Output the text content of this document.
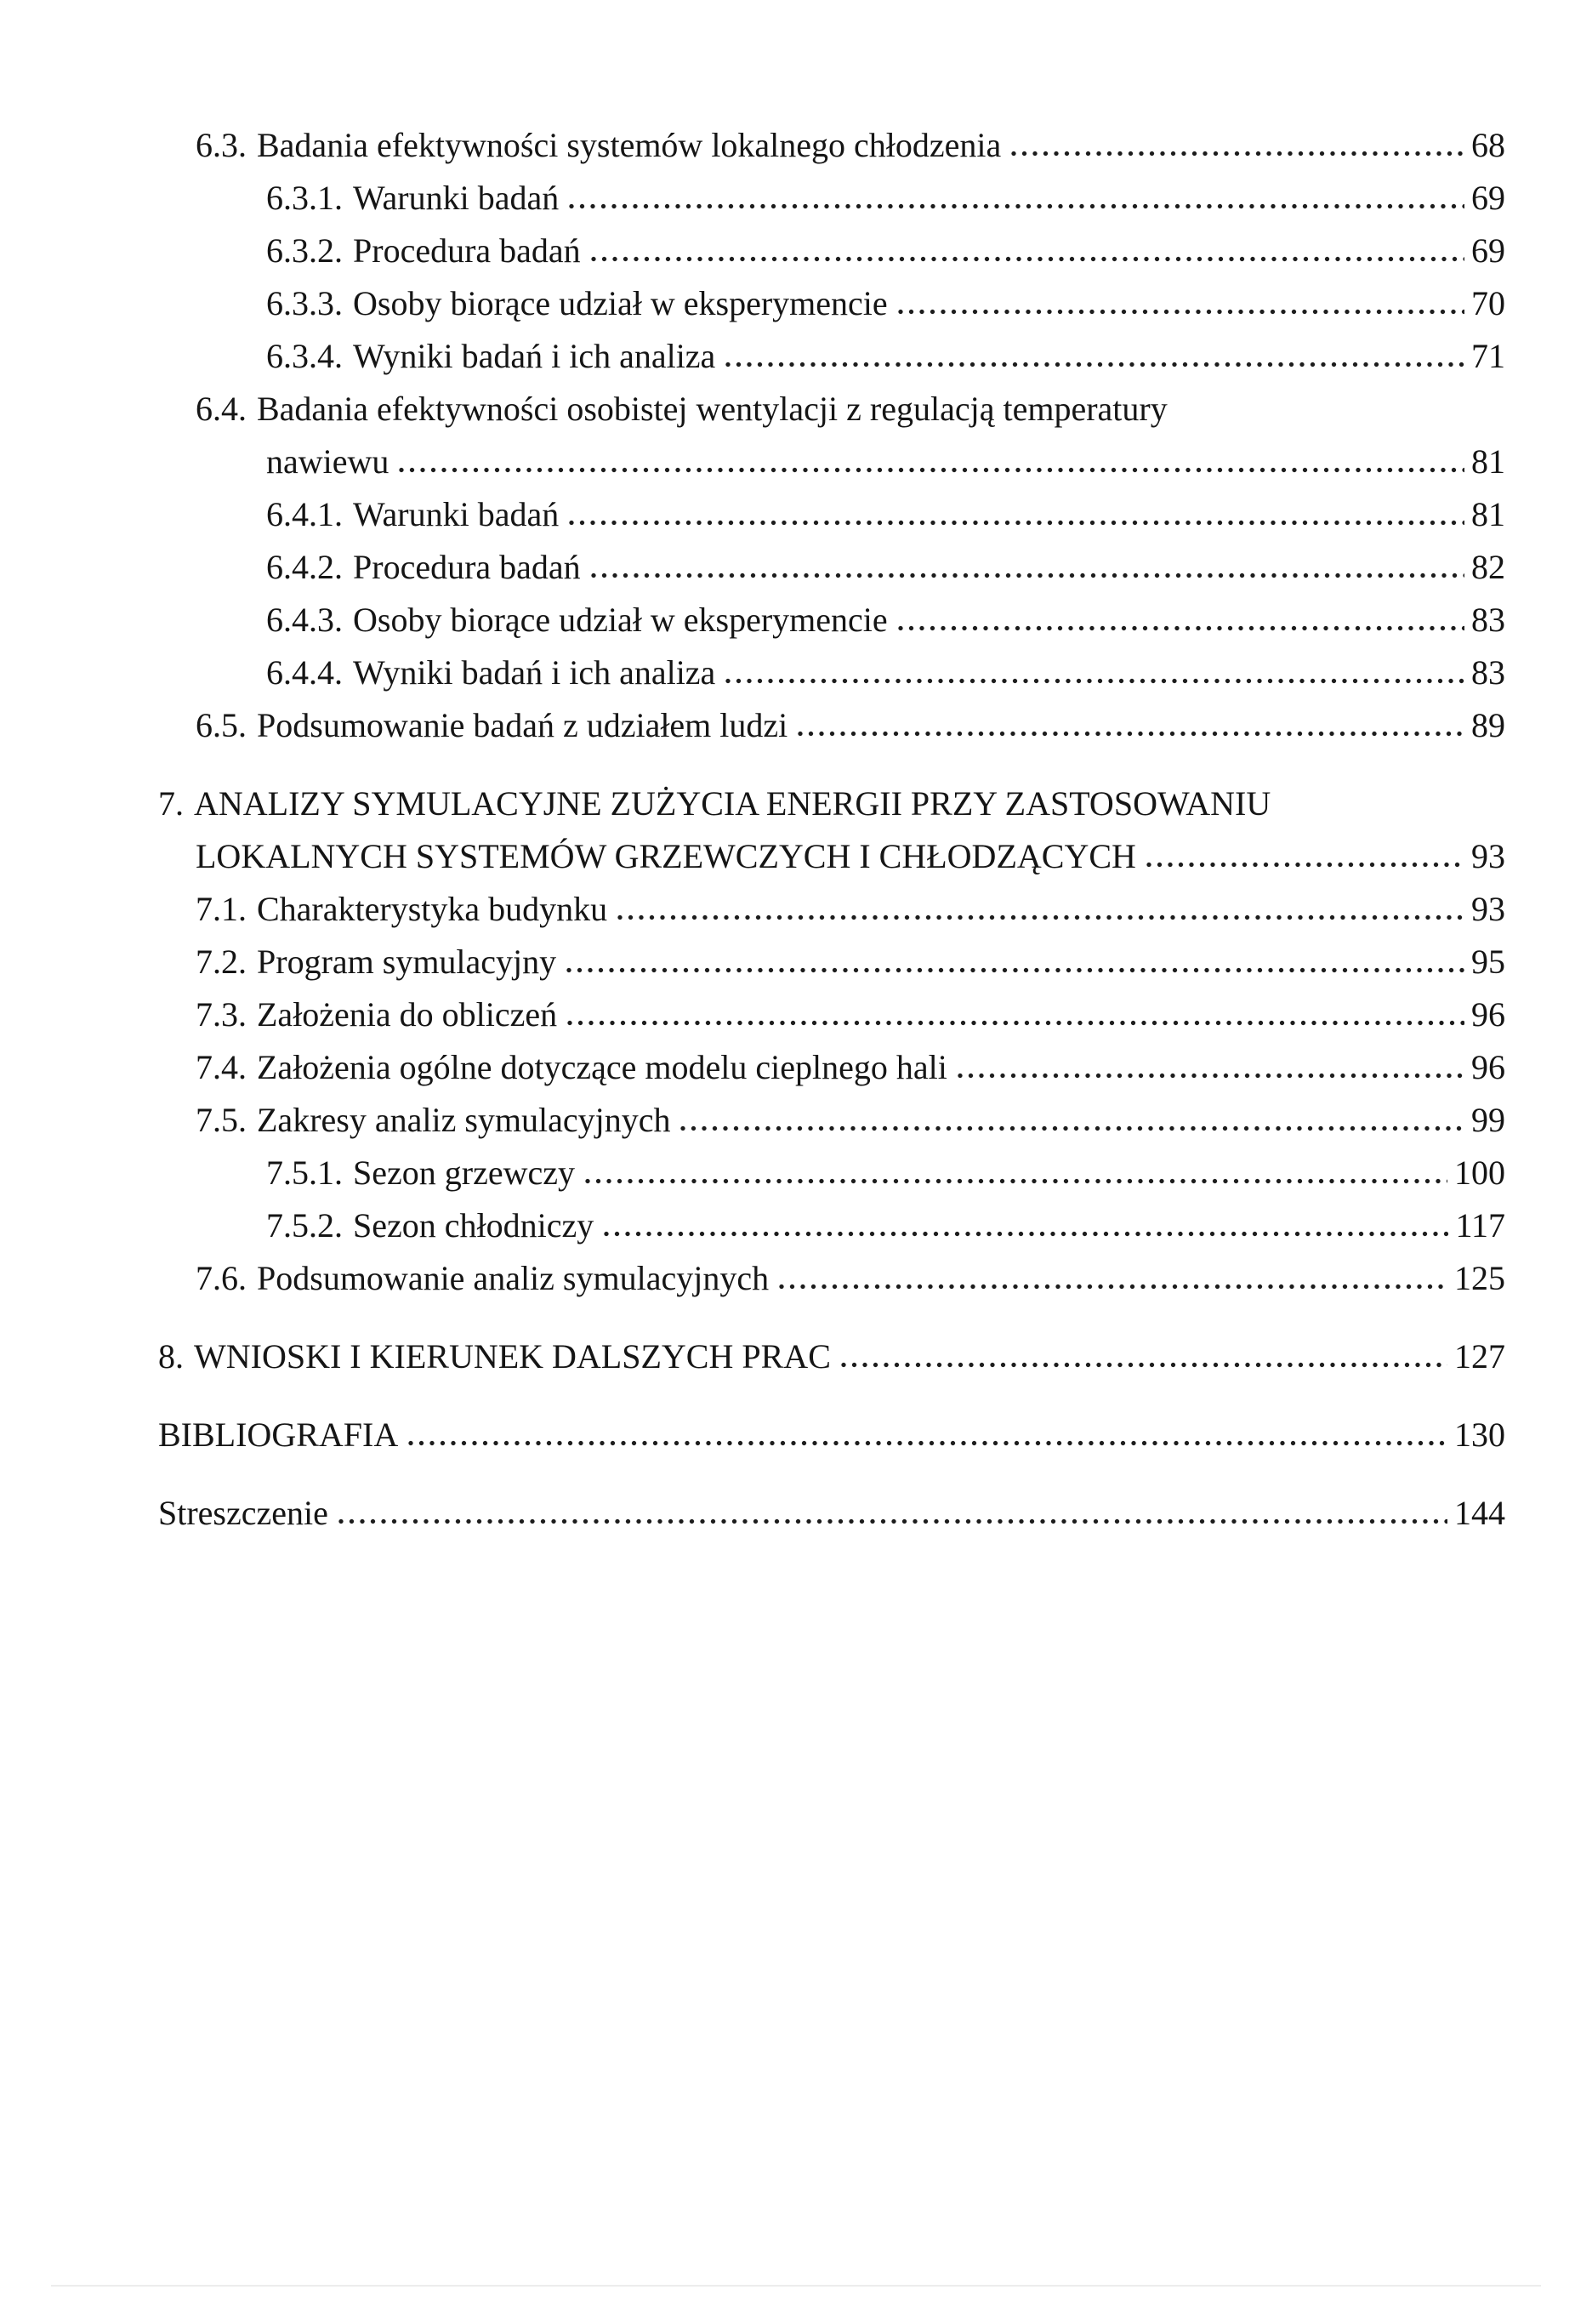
6.3. Badania efektywności systemów lokalnego chłodzenia	68
6.3.1. Warunki badań	69
6.3.2. Procedura badań	69
6.3.3. Osoby biorące udział w eksperymencie	70
6.3.4. Wyniki badań i ich analiza	71
6.4. Badania efektywności osobistej wentylacji z regulacją temperatury
nawiewu	81
6.4.1. Warunki badań	81
6.4.2. Procedura badań	82
6.4.3. Osoby biorące udział w eksperymencie	83
6.4.4. Wyniki badań i ich analiza	83
6.5. Podsumowanie badań z udziałem ludzi	89
7. ANALIZY SYMULACYJNE ZUŻYCIA ENERGII PRZY ZASTOSOWANIU
LOKALNYCH SYSTEMÓW GRZEWCZYCH I CHŁODZĄCYCH	93
7.1. Charakterystyka budynku	93
7.2. Program symulacyjny	95
7.3. Założenia do obliczeń	96
7.4. Założenia ogólne dotyczące modelu cieplnego hali	96
7.5. Zakresy analiz symulacyjnych	99
7.5.1. Sezon grzewczy	100
7.5.2. Sezon chłodniczy	117
7.6. Podsumowanie analiz symulacyjnych	125
8. WNIOSKI I KIERUNEK DALSZYCH PRAC	127
BIBLIOGRAFIA	130
Streszczenie	144
